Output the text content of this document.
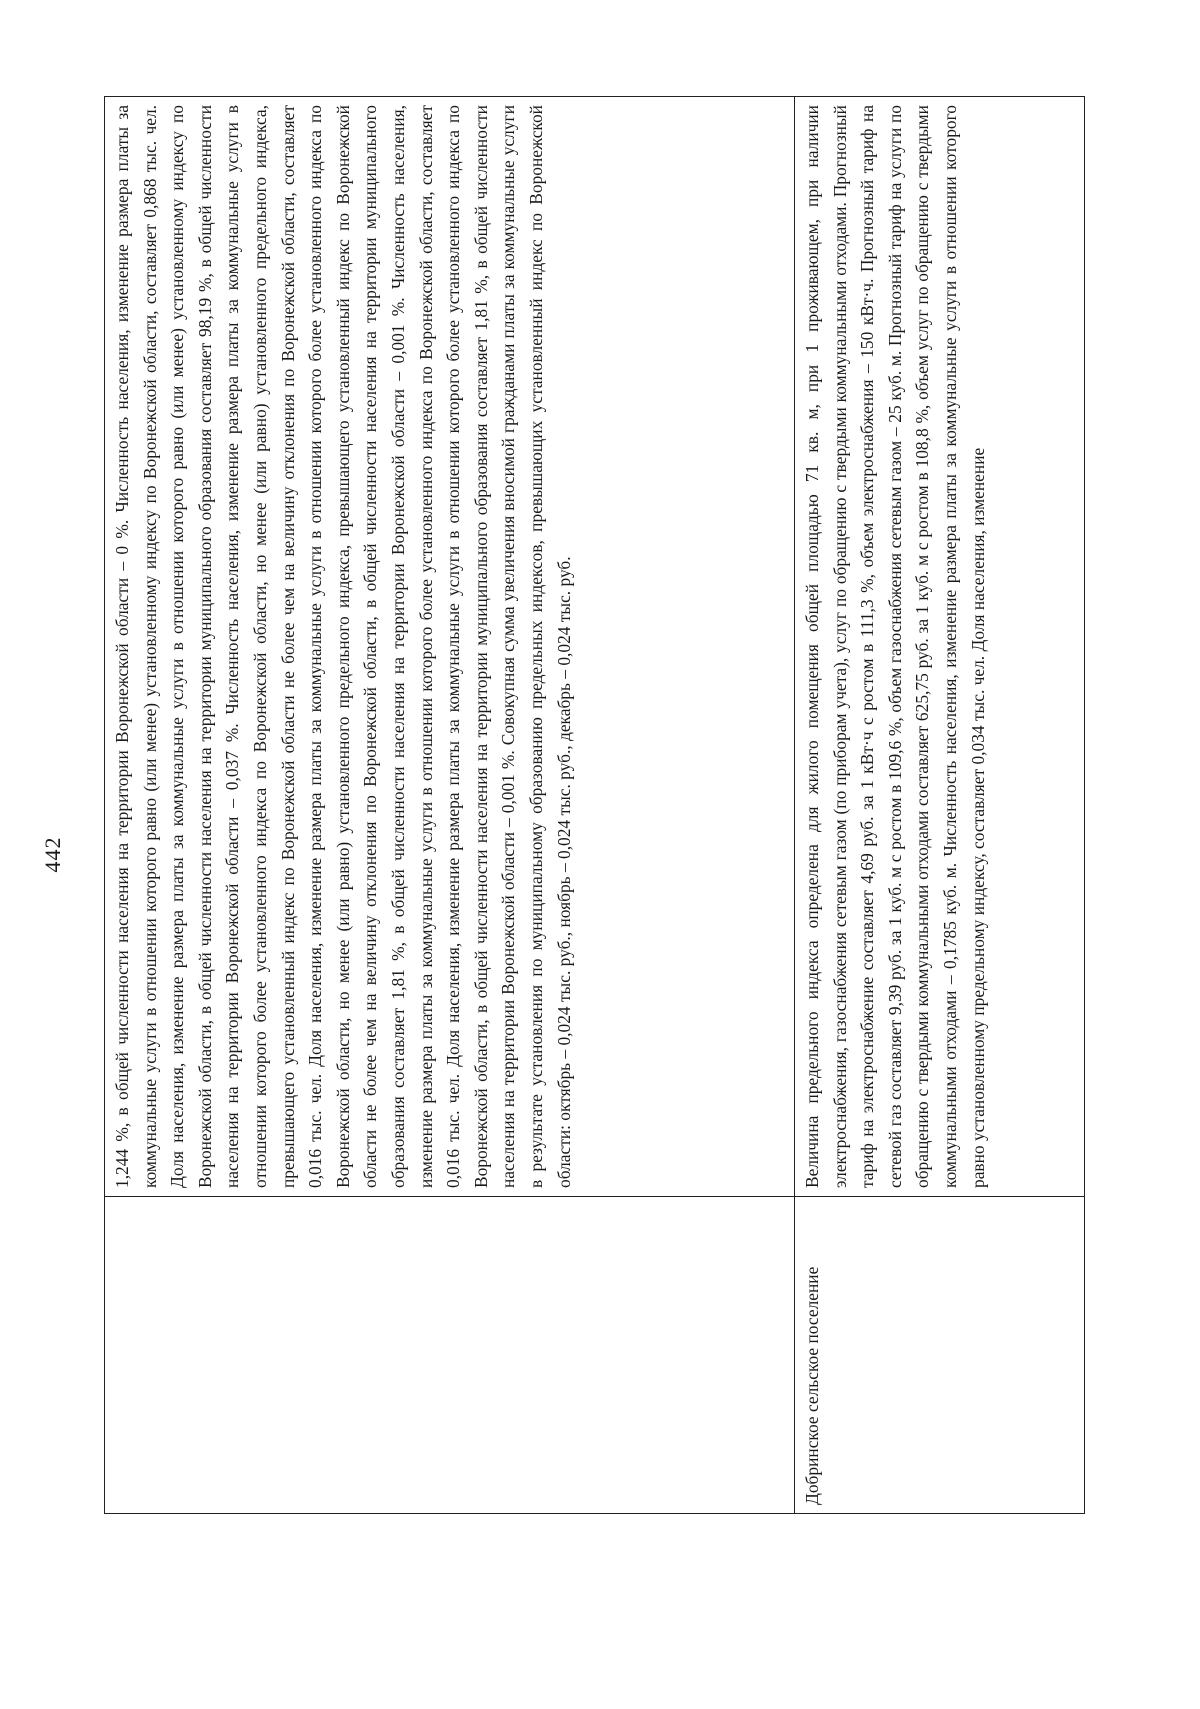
442
		1,244 %, в общей численности населения на территории Воронежской области – 0 %. Численность населения, изменение размера платы за коммунальные услуги в отношении которого равно (или менее) установленному индексу по Воронежской области, составляет 0,868 тыс. чел. Доля населения, изменение размера платы за коммунальные услуги в отношении которого равно (или менее) установленному индексу по Воронежской области, в общей численности населения на территории муниципального образования составляет 98,19 %, в общей численности населения на территории Воронежской области – 0,037 %. Численность населения, изменение размера платы за коммунальные услуги в отношении которого более установленного индекса по Воронежской области, но менее (или равно) установленного предельного индекса, превышающего установленный индекс по Воронежской области не более чем на величину отклонения по Воронежской области, составляет 0,016 тыс. чел. Доля населения, изменение размера платы за коммунальные услуги в отношении которого более установленного индекса по Воронежской области, но менее (или равно) установленного предельного индекса, превышающего установленный индекс по Воронежской области не более чем на величину отклонения по Воронежской области, в общей численности населения на территории муниципального образования составляет 1,81 %, в общей численности населения на территории Воронежской области – 0,001 %. Численность населения, изменение размера платы за коммунальные услуги в отношении которого более установленного индекса по Воронежской области, составляет 0,016 тыс. чел. Доля населения, изменение размера платы за коммунальные услуги в отношении которого более установленного индекса по Воронежской области, в общей численности населения на территории муниципального образования составляет 1,81 %, в общей численности населения на территории Воронежской области – 0,001 %. Совокупная сумма увеличения вносимой гражданами платы за коммунальные услуги в результате установления по муниципальному образованию предельных индексов, превышающих установленный индекс по Воронежской области: октябрь – 0,024 тыс. руб., ноябрь – 0,024 тыс. руб., декабрь – 0,024 тыс. руб.
Добринское сельское поселение	Величина предельного индекса определена для жилого помещения общей площадью 71 кв. м, при 1 проживающем, при наличии электроснабжения, газоснабжения сетевым газом (по приборам учета), услуг по обращению с твердыми коммунальными отходами. Прогнозный тариф на электроснабжение составляет 4,69 руб. за 1 кВт·ч с ростом в 111,3 %, объем электроснабжения – 150 кВт·ч. Прогнозный тариф на сетевой газ составляет 9,39 руб. за 1 куб. м с ростом в 109,6 %, объем газоснабжения сетевым газом – 25 куб. м. Прогнозный тариф на услуги по обращению с твердыми коммунальными отходами составляет 625,75 руб. за 1 куб. м с ростом в 108,8 %, объем услуг по обращению с твердыми коммунальными отходами – 0,1785 куб. м. Численность населения, изменение размера платы за коммунальные услуги в отношении которого равно установленному предельному индексу, составляет 0,034 тыс. чел. Доля населения, изменение
